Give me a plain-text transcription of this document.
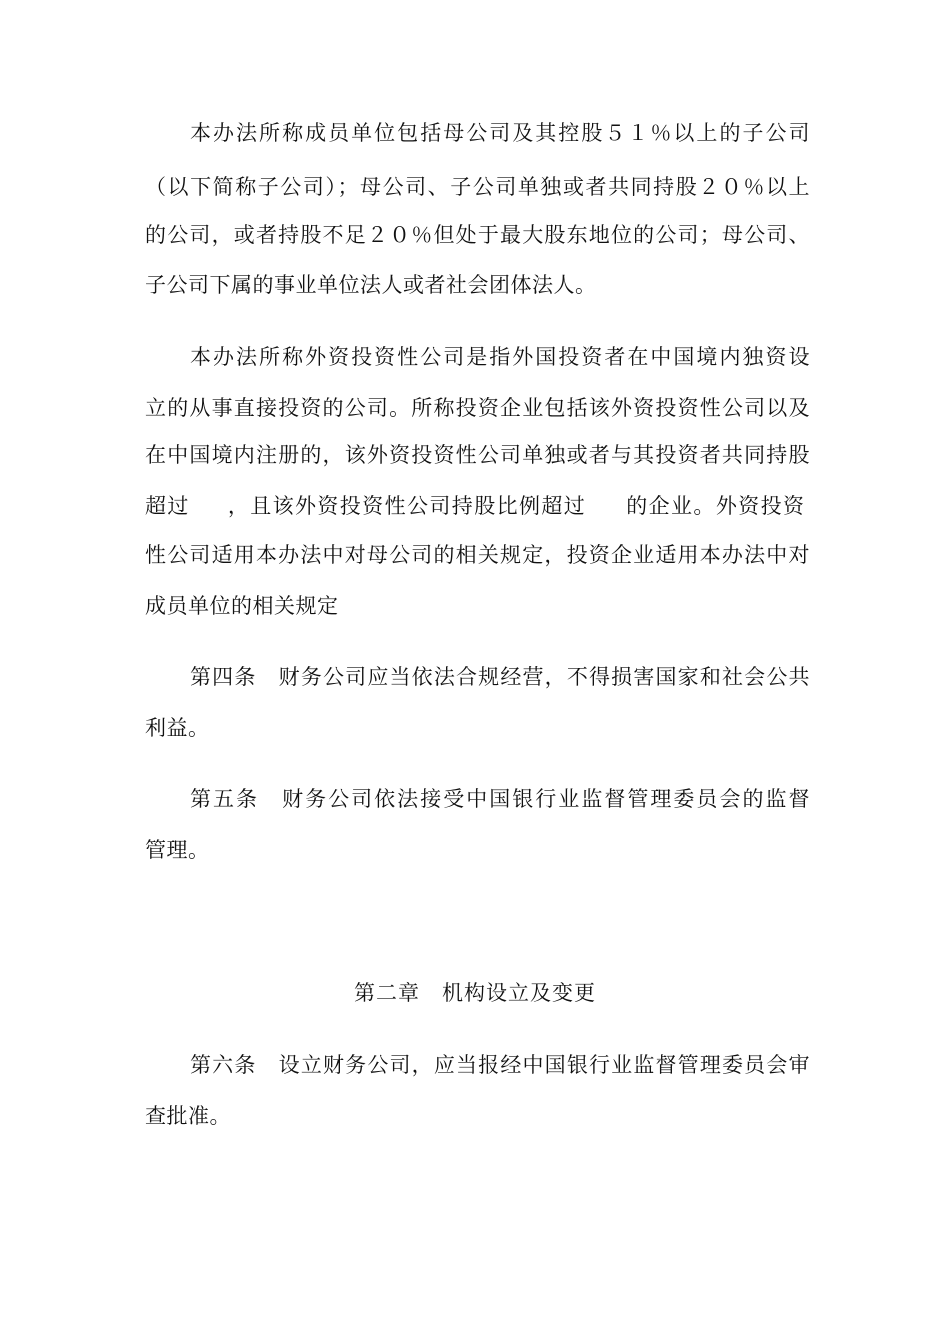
本办法所称成员单位包括母公司及其控股５１％以上的子公司
（以下简称子公司）；母公司、子公司单独或者共同持股２０％以上
的公司，或者持股不足２０％但处于最大股东地位的公司；母公司、
子公司下属的事业单位法人或者社会团体法人。
本办法所称外资投资性公司是指外国投资者在中国境内独资设
立的从事直接投资的公司。所称投资企业包括该外资投资性公司以及
在中国境内注册的，该外资投资性公司单独或者与其投资者共同持股
超过 ，且该外资投资性公司持股比例超过 的企业。外资投资
性公司适用本办法中对母公司的相关规定，投资企业适用本办法中对
成员单位的相关规定
第四条　财务公司应当依法合规经营，不得损害国家和社会公共
利益。
第五条　财务公司依法接受中国银行业监督管理委员会的监督
管理。
第二章　机构设立及变更
第六条　设立财务公司，应当报经中国银行业监督管理委员会审
查批准。
